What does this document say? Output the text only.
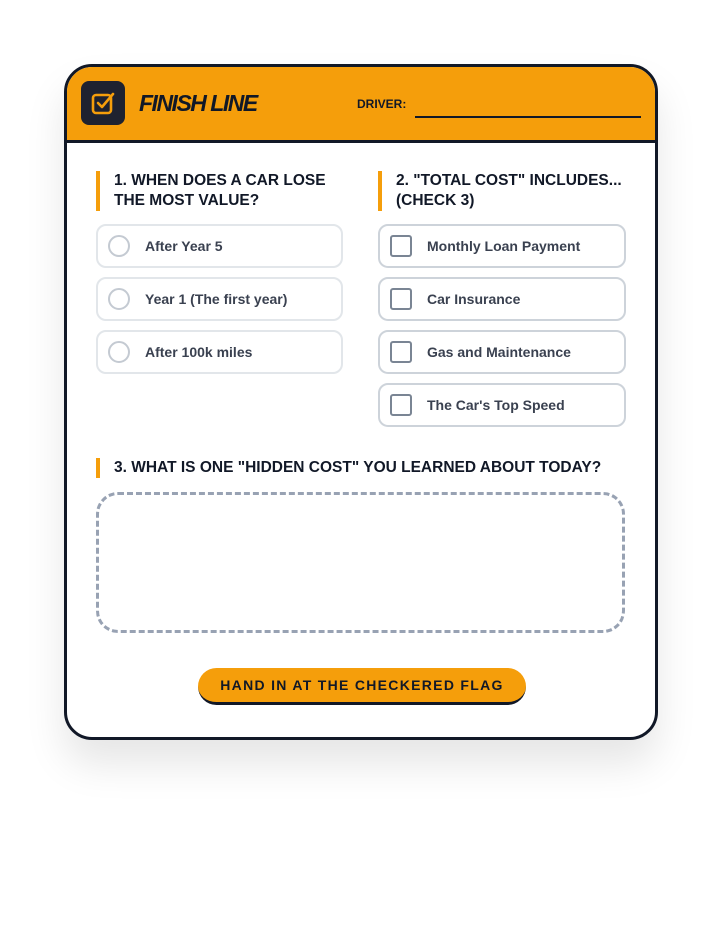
FINISH LINE	DRIVER:
1. WHEN DOES A CAR LOSE
THE MOST VALUE?
After Year 5
Year 1 (The first year)
After 100k miles
2. "TOTAL COST" INCLUDES...
(CHECK 3)
Monthly Loan Payment
Car Insurance
Gas and Maintenance
The Car's Top Speed
3. WHAT IS ONE "HIDDEN COST" YOU LEARNED ABOUT TODAY?
HAND IN AT THE CHECKERED FLAG
